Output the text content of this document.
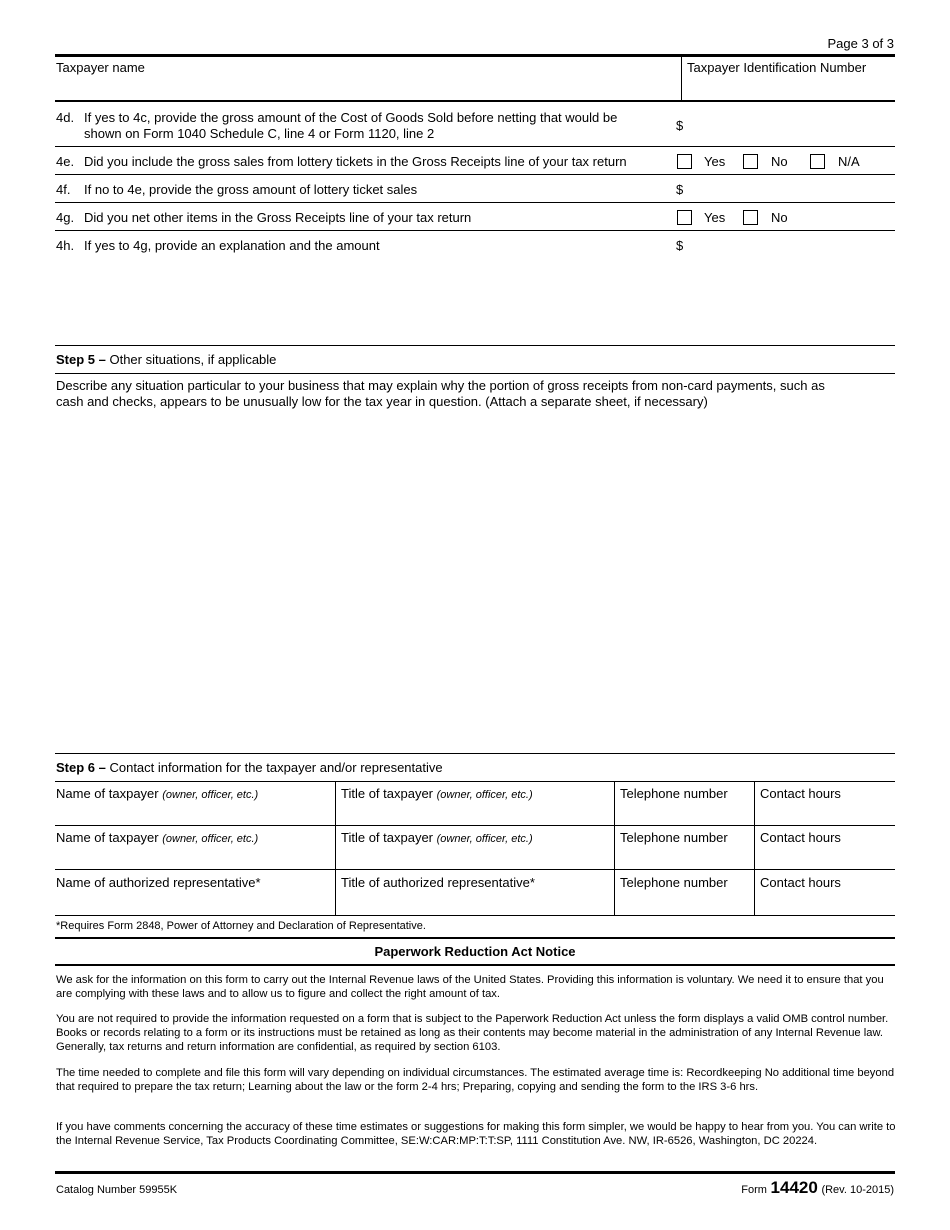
Page 3 of 3
Taxpayer name	Taxpayer Identification Number
4d. If yes to 4c, provide the gross amount of the Cost of Goods Sold before netting that would be
shown on Form 1040 Schedule C, line 4 or Form 1120, line 2
$
4e. Did you include the gross sales from lottery tickets in the Gross Receipts line of your tax return	Yes	No	N/A
4f. If no to 4e, provide the gross amount of lottery ticket sales	$
4g. Did you net other items in the Gross Receipts line of your tax return	Yes	No
4h. If yes to 4g, provide an explanation and the amount	$
Step 5 – Other situations, if applicable
Describe any situation particular to your business that may explain why the portion of gross receipts from non-card payments, such as
cash and checks, appears to be unusually low for the tax year in question. (Attach a separate sheet, if necessary)
Step 6 – Contact information for the taxpayer and/or representative
Name of taxpayer (owner, officer, etc.)	Title of taxpayer (owner, officer, etc.)	Telephone number Contact hours
Name of taxpayer (owner, officer, etc.)	Title of taxpayer (owner, officer, etc.)	Telephone number Contact hours
Name of authorized representative*	Title of authorized representative*	Telephone number Contact hours
*Requires Form 2848, Power of Attorney and Declaration of Representative.
Paperwork Reduction Act Notice
We ask for the information on this form to carry out the Internal Revenue laws of the United States. Providing this information is voluntary. We need it to ensure that you are complying with these laws and to allow us to figure and collect the right amount of tax.
You are not required to provide the information requested on a form that is subject to the Paperwork Reduction Act unless the form displays a valid OMB control number. Books or records relating to a form or its instructions must be retained as long as their contents may become material in the administration of any Internal Revenue law. Generally, tax returns and return information are confidential, as required by section 6103.
The time needed to complete and file this form will vary depending on individual circumstances. The estimated average time is: Recordkeeping No additional time beyond that required to prepare the tax return; Learning about the law or the form 2-4 hrs; Preparing, copying and sending the form to the IRS 3-6 hrs.
If you have comments concerning the accuracy of these time estimates or suggestions for making this form simpler, we would be happy to hear from you. You can write to the Internal Revenue Service, Tax Products Coordinating Committee, SE:W:CAR:MP:T:T:SP, 1111 Constitution Ave. NW, IR-6526, Washington, DC 20224.
Catalog Number 59955K	Form 14420 (Rev. 10-2015)
